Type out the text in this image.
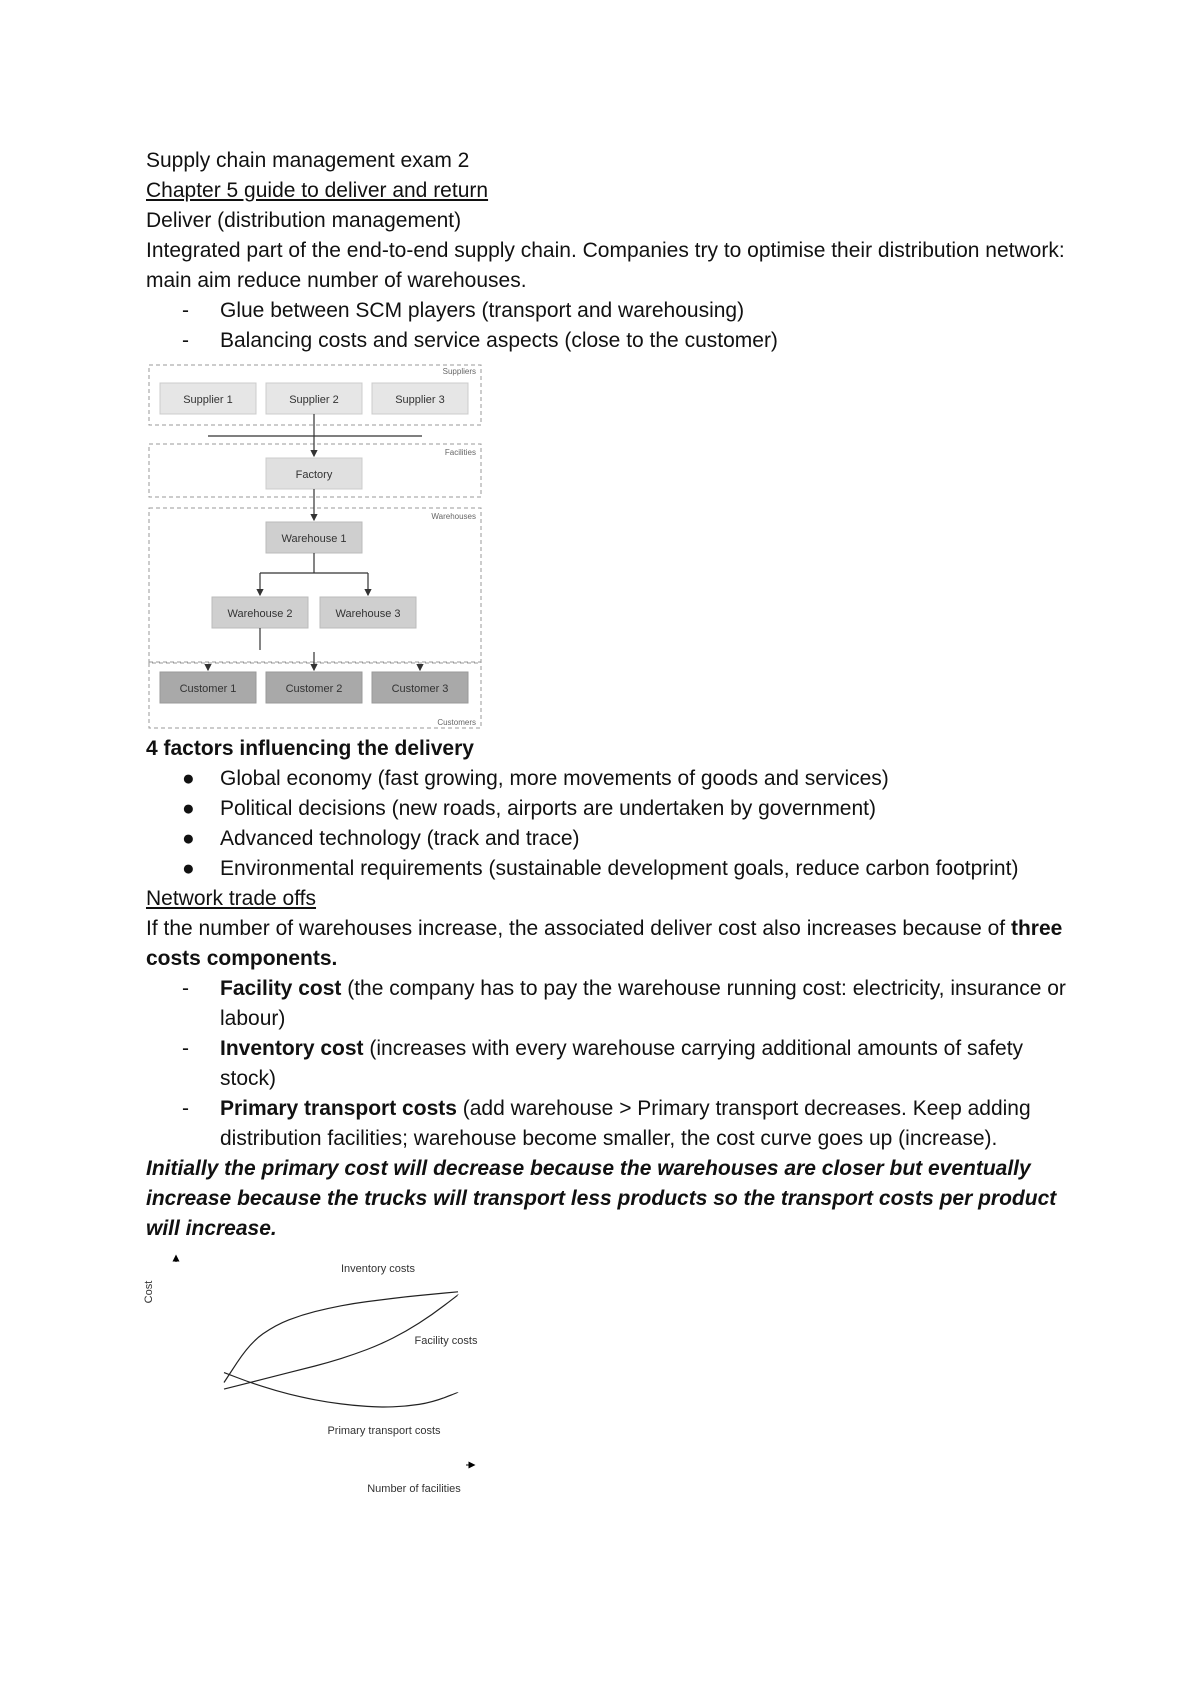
Supply chain management exam 2
Chapter 5 guide to deliver and return
Deliver (distribution management)
Integrated part of the end-to-end supply chain. Companies try to optimise their distribution network: main aim reduce number of warehouses.
- Glue between SCM players (transport and warehousing)
- Balancing costs and service aspects (close to the customer)
Suppliers
Facilities
Warehouses
Customers
Supplier 1	Supplier 2	Supplier 3
Factory
Warehouse 1
Warehouse 2	Warehouse 3
Customer 1	Customer 2	Customer 3
4 factors influencing the delivery
● Global economy (fast growing, more movements of goods and services)
● Political decisions (new roads, airports are undertaken by government)
● Advanced technology (track and trace)
● Environmental requirements (sustainable development goals, reduce carbon footprint)
Network trade offs
If the number of warehouses increase, the associated deliver cost also increases because of three costs components.
- Facility cost (the company has to pay the warehouse running cost: electricity, insurance or labour)
- Inventory cost (increases with every warehouse carrying additional amounts of safety stock)
- Primary transport costs (add warehouse > Primary transport decreases. Keep adding distribution facilities; warehouse become smaller, the cost curve goes up (increase).
Initially the primary cost will decrease because the warehouses are closer but eventually increase because the trucks will transport less products so the transport costs per product will increase.
Cost
Number of facilities
Inventory costs
Facility costs
Primary transport costs
